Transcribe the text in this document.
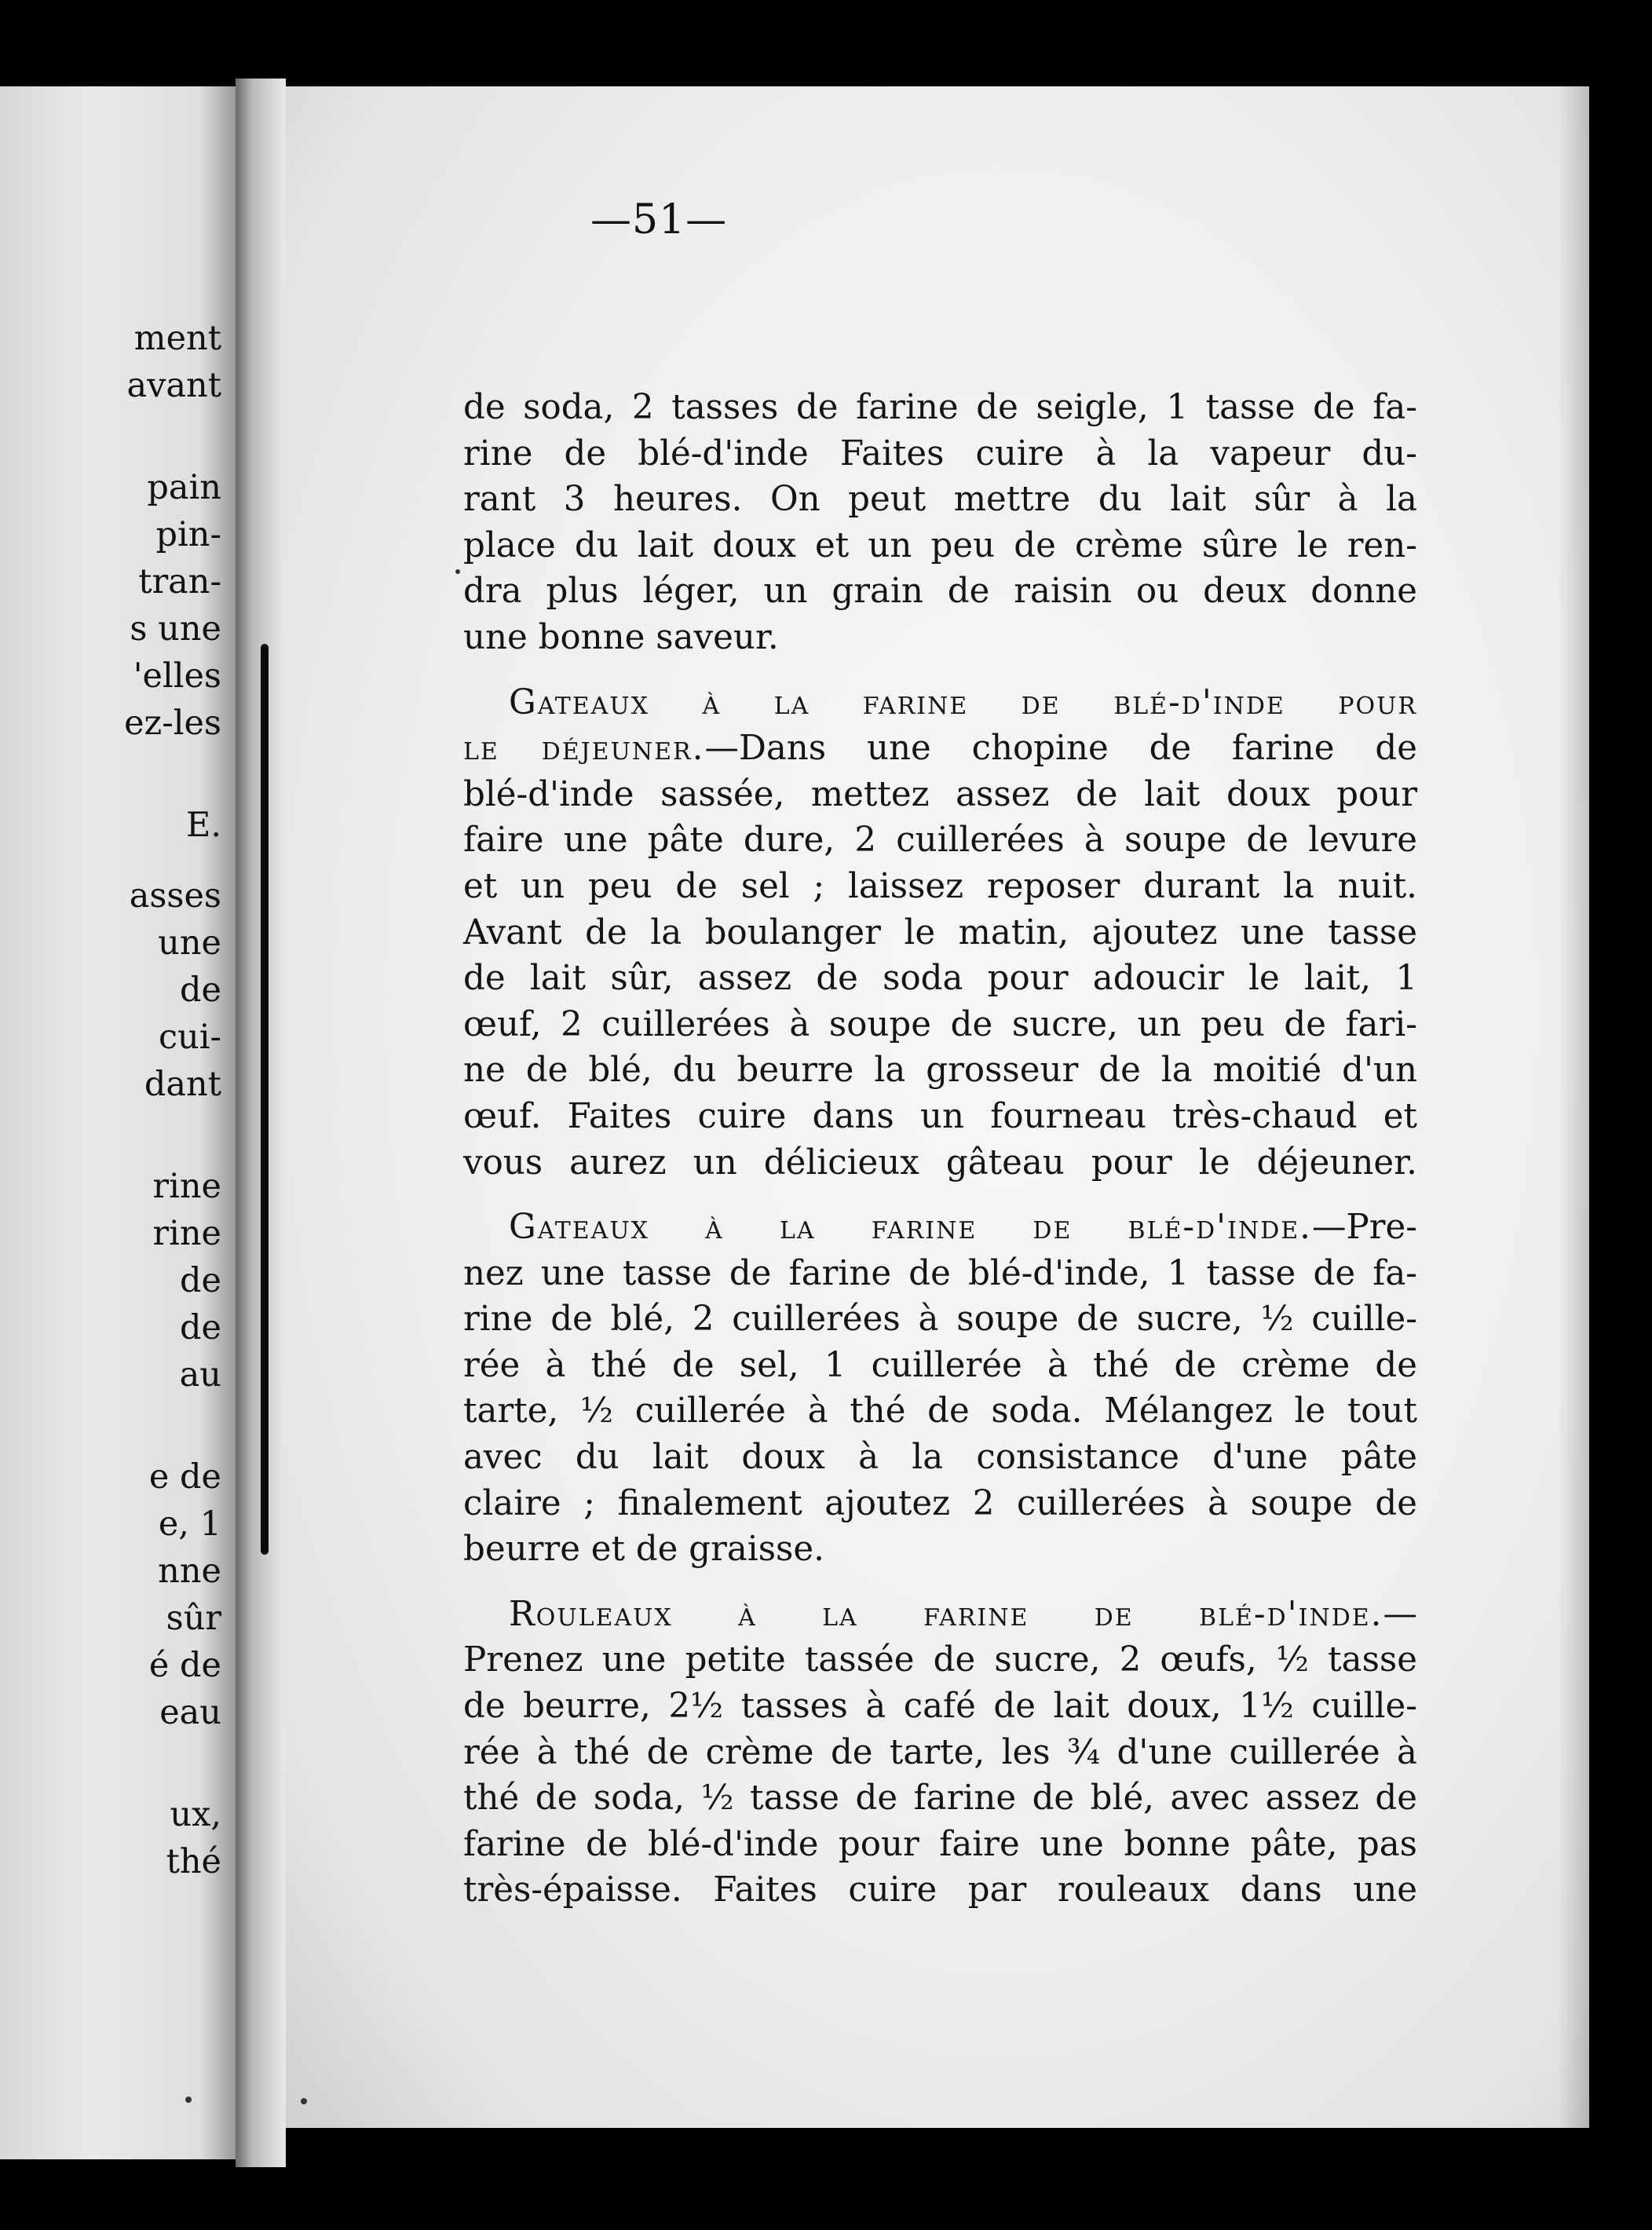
ment
avant
pain
pin-
tran-
s une
'elles
ez-les
E.
asses
une
de
cui-
dant
rine
rine
de
de
au
e de
e, 1
nne
sûr
é de
eau
ux,
thé
—51—
de soda, 2 tasses de farine de seigle, 1 tasse de fa-
rine de blé-d'inde Faites cuire à la vapeur du-
rant 3 heures. On peut mettre du lait sûr à la
place du lait doux et un peu de crème sûre le ren-
dra plus léger, un grain de raisin ou deux donne
une bonne saveur.
Gateaux à la farine de blé-d'inde pour
le déjeuner.—Dans une chopine de farine de
blé-d'inde sassée, mettez assez de lait doux pour
faire une pâte dure, 2 cuillerées à soupe de levure
et un peu de sel ; laissez reposer durant la nuit.
Avant de la boulanger le matin, ajoutez une tasse
de lait sûr, assez de soda pour adoucir le lait, 1
œuf, 2 cuillerées à soupe de sucre, un peu de fari-
ne de blé, du beurre la grosseur de la moitié d'un
œuf. Faites cuire dans un fourneau très-chaud et
vous aurez un délicieux gâteau pour le déjeuner.
Gateaux à la farine de blé-d'inde.—Pre-
nez une tasse de farine de blé-d'inde, 1 tasse de fa-
rine de blé, 2 cuillerées à soupe de sucre, ½ cuille-
rée à thé de sel, 1 cuillerée à thé de crème de
tarte, ½ cuillerée à thé de soda. Mélangez le tout
avec du lait doux à la consistance d'une pâte
claire ; finalement ajoutez 2 cuillerées à soupe de
beurre et de graisse.
Rouleaux à la farine de blé-d'inde.—
Prenez une petite tassée de sucre, 2 œufs, ½ tasse
de beurre, 2½ tasses à café de lait doux, 1½ cuille-
rée à thé de crème de tarte, les ¾ d'une cuillerée à
thé de soda, ½ tasse de farine de blé, avec assez de
farine de blé-d'inde pour faire une bonne pâte, pas
très-épaisse. Faites cuire par rouleaux dans une
